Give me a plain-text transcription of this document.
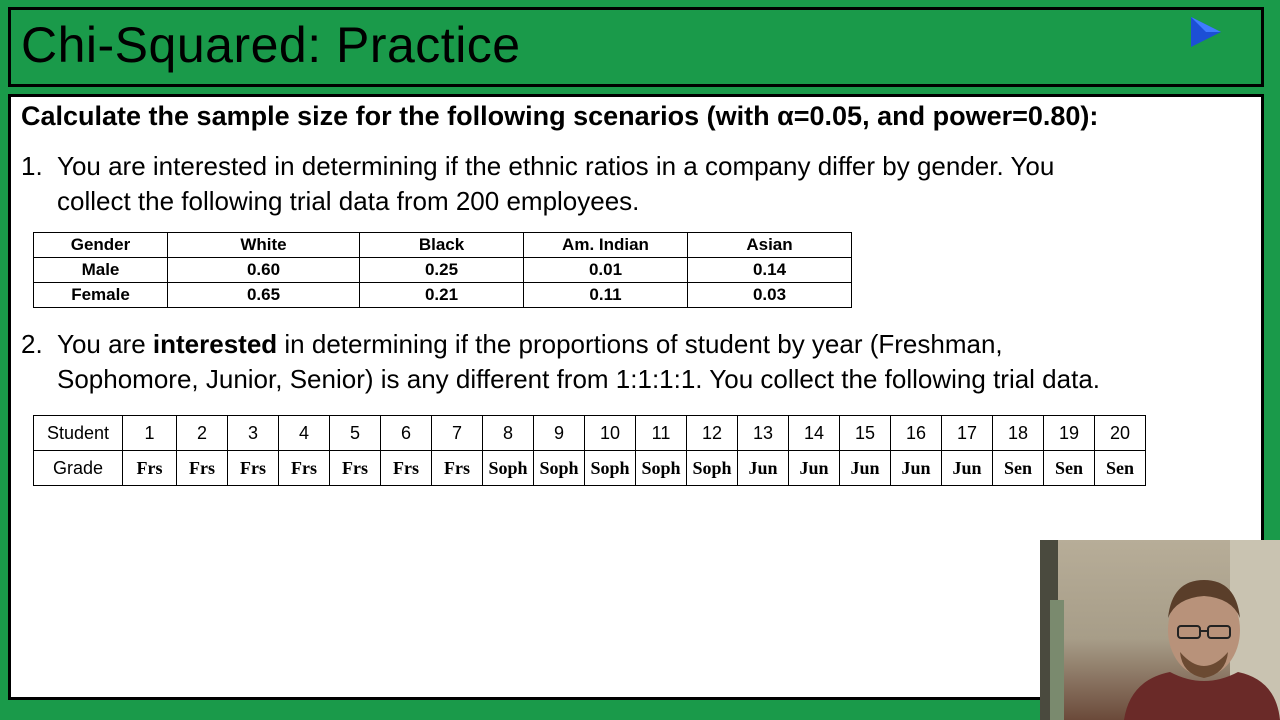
Chi-Squared: Practice
Calculate the sample size for the following scenarios (with α=0.05, and power=0.80):
1. You are interested in determining if the ethnic ratios in a company differ by gender. You
collect the following trial data from 200 employees.
Gender	White	Black	Am. Indian	Asian
Male	0.60	0.25	0.01	0.14
Female	0.65	0.21	0.11	0.03
2. You are interested in determining if the proportions of student by year (Freshman,
Sophomore, Junior, Senior) is any different from 1:1:1:1. You collect the following trial data.
Student	1	2	3	4	5	6	7	8	9	10	11	12	13	14	15	16	17	18	19	20
Grade	Frs	Frs	Frs	Frs	Frs	Frs	Frs	Soph	Soph	Soph	Soph	Soph	Jun	Jun	Jun	Jun	Jun	Sen	Sen	Sen
